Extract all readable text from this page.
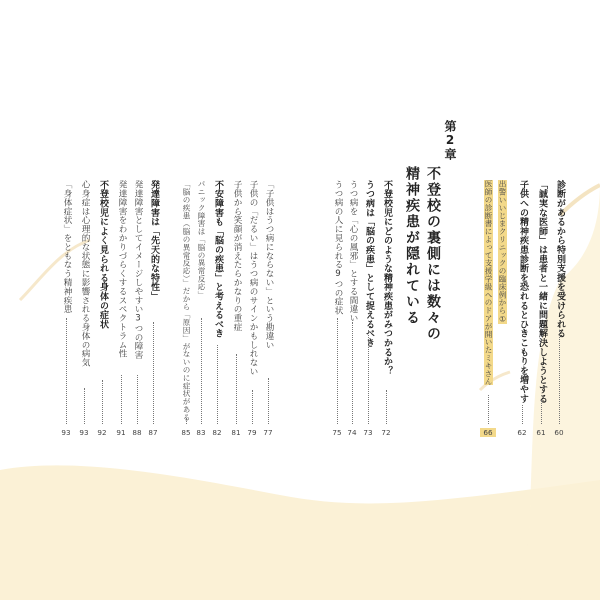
第2章
不登校の裏側には数々の
精神疾患が隠れている	診断があるから特別支援を受けられる
60
「誠実な医師」は患者と一緒に問題解決しようとする
61
子供への精神疾患診断を恐れるとひきこもりを増やす
62
出警いいじまクリニックの臨床例から①
医師の診断書によって支援学級へのドアが開いたミキさん
66
不登校児にどのような精神疾患がみつかるか？
72
うつ病は「脳の疾患」として捉えるべき
73
うつ病を「心の風邪」とする間違い
74
うつ病の人に見られる9つの症状
75
「子供はうつ病にならない」という勘違い
77
子供の「だるい」はうつ病のサインかもしれない
79
子供から笑顔が消えたらかなりの重症
81
不安障害も「脳の疾患」と考えるべき
82
パニック障害は「脳の異常反応」
83
「脳の疾患（脳の異常反応）」だから「原因」がないのに症状がある
85
発達障害は「先天的な特性」
87
発達障害としてイメージしやすい3つの障害
88
発達障害をわかりづらくするスペクトラム性
91
不登校児によく見られる身体の症状
92
心身症は心理的な状態に影響される身体の病気
93
「身体症状」をともなう精神疾患
93
